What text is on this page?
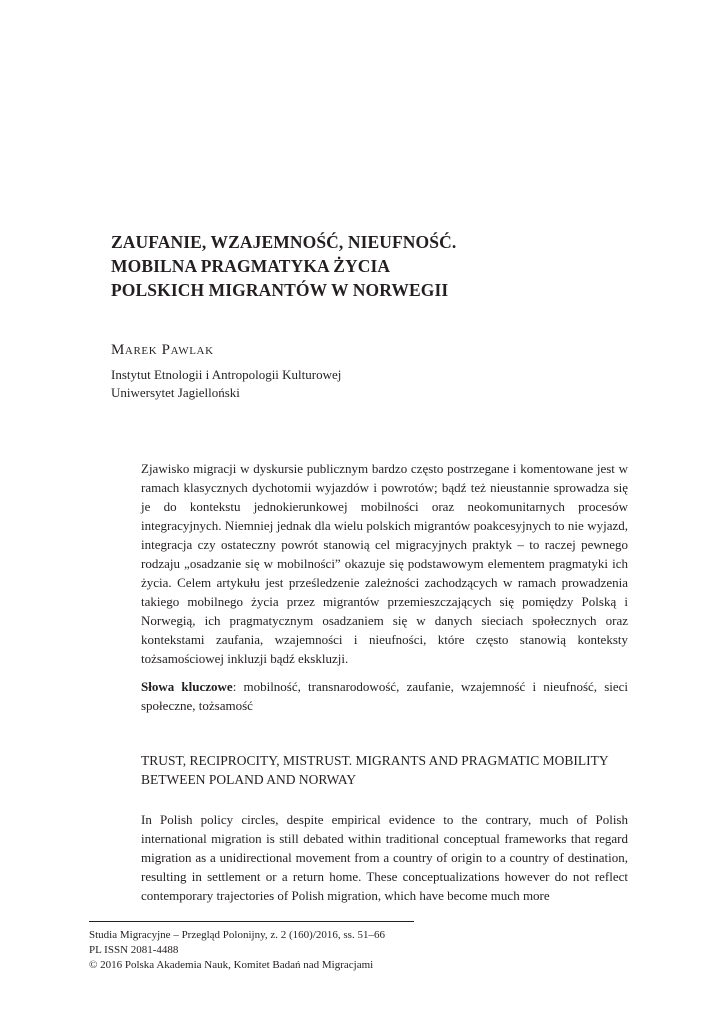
ZAUFANIE, WZAJEMNOŚĆ, NIEUFNOŚĆ.
MOBILNA PRAGMATYKA ŻYCIA
POLSKICH MIGRANTÓW W NORWEGII
Marek Pawlak
Instytut Etnologii i Antropologii Kulturowej
Uniwersytet Jagielloński

Zjawisko migracji w dyskursie publicznym bardzo często postrzegane i komentowane jest w ramach klasycznych dychotomii wyjazdów i powrotów; bądź też nieustannie sprowadza się je do kontekstu jednokierunkowej mobilności oraz neokomunitarnych procesów integracyjnych. Niemniej jednak dla wielu polskich migrantów poakcesyjnych to nie wyjazd, integracja czy ostateczny powrót stanowią cel migracyjnych praktyk – to raczej pewnego rodzaju „osadzanie się w mobilności” okazuje się podstawowym elementem pragmatyki ich życia. Celem artykułu jest prześledzenie zależności zachodzących w ramach prowadzenia takiego mobilnego życia przez migrantów przemieszczających się pomiędzy Polską i Norwegią, ich pragmatycznym osadzaniem się w danych sieciach społecznych oraz kontekstami zaufania, wzajemności i nieufności, które często stanowią konteksty tożsamościowej inkluzji bądź ekskluzji.

Słowa kluczowe: mobilność, transnarodowość, zaufanie, wzajemność i nieufność, sieci społeczne, tożsamość

TRUST, RECIPROCITY, MISTRUST. MIGRANTS AND PRAGMATIC MOBILITY
BETWEEN POLAND AND NORWAY

In Polish policy circles, despite empirical evidence to the contrary, much of Polish international migration is still debated within traditional conceptual frameworks that regard migration as a unidirectional movement from a country of origin to a country of destination, resulting in settlement or a return home. These conceptualizations however do not reflect contemporary trajectories of Polish migration, which have become much more

Studia Migracyjne – Przegląd Polonijny, z. 2 (160)/2016, ss. 51–66
PL ISSN 2081-4488
© 2016 Polska Akademia Nauk, Komitet Badań nad Migracjami
